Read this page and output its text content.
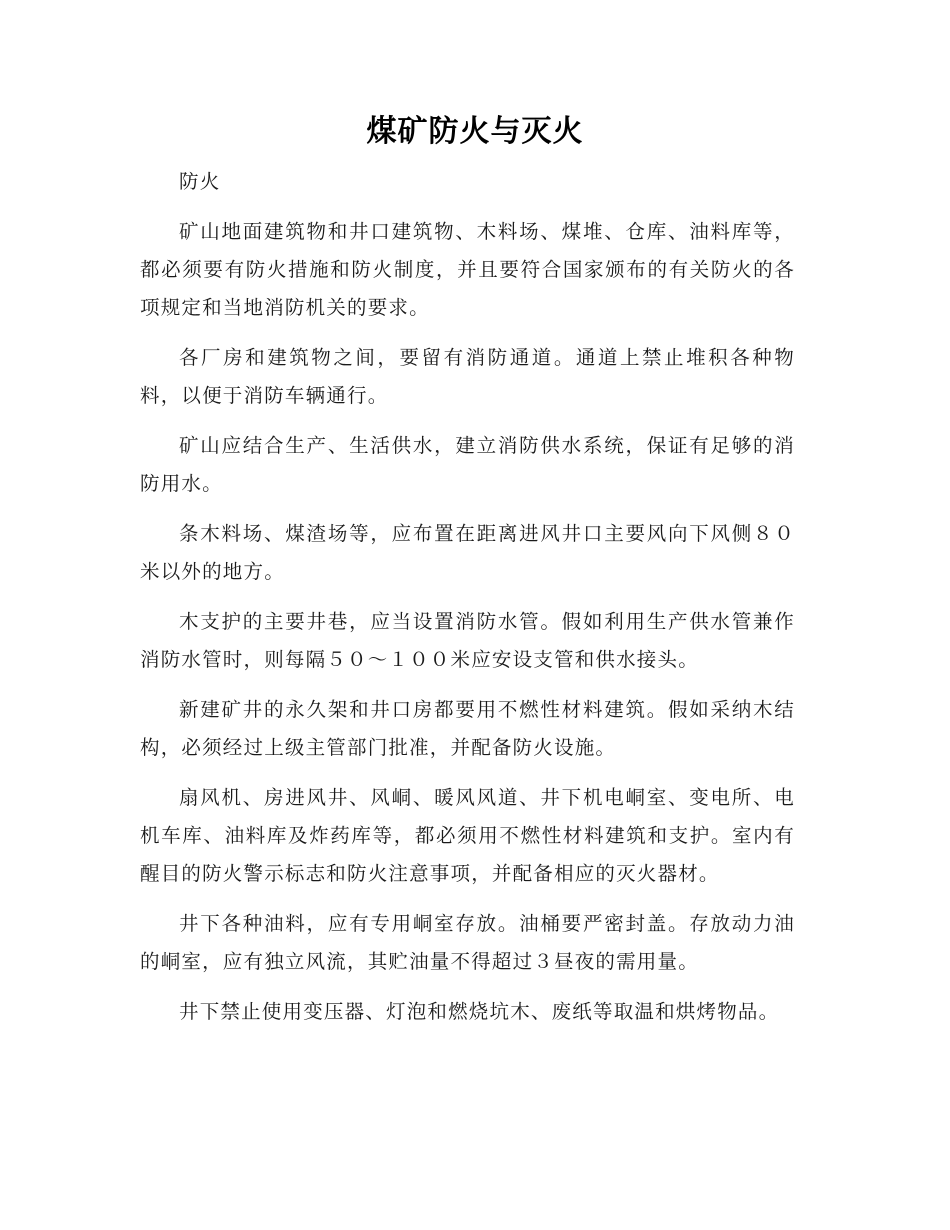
煤矿防火与灭火

防火

矿山地面建筑物和井口建筑物、木料场、煤堆、仓库、油料库等，都必须要有防火措施和防火制度，并且要符合国家颁布的有关防火的各项规定和当地消防机关的要求。

各厂房和建筑物之间，要留有消防通道。通道上禁止堆积各种物料，以便于消防车辆通行。

矿山应结合生产、生活供水，建立消防供水系统，保证有足够的消防用水。

条木料场、煤渣场等，应布置在距离进风井口主要风向下风侧８０米以外的地方。

木支护的主要井巷，应当设置消防水管。假如利用生产供水管兼作消防水管时，则每隔５０～１００米应安设支管和供水接头。

新建矿井的永久架和井口房都要用不燃性材料建筑。假如采纳木结构，必须经过上级主管部门批准，并配备防火设施。

扇风机、房进风井、风峒、暖风风道、井下机电峒室、变电所、电机车库、油料库及炸药库等，都必须用不燃性材料建筑和支护。室内有醒目的防火警示标志和防火注意事项，并配备相应的灭火器材。

井下各种油料，应有专用峒室存放。油桶要严密封盖。存放动力油的峒室，应有独立风流，其贮油量不得超过３昼夜的需用量。

井下禁止使用变压器、灯泡和燃烧坑木、废纸等取温和烘烤物品。
